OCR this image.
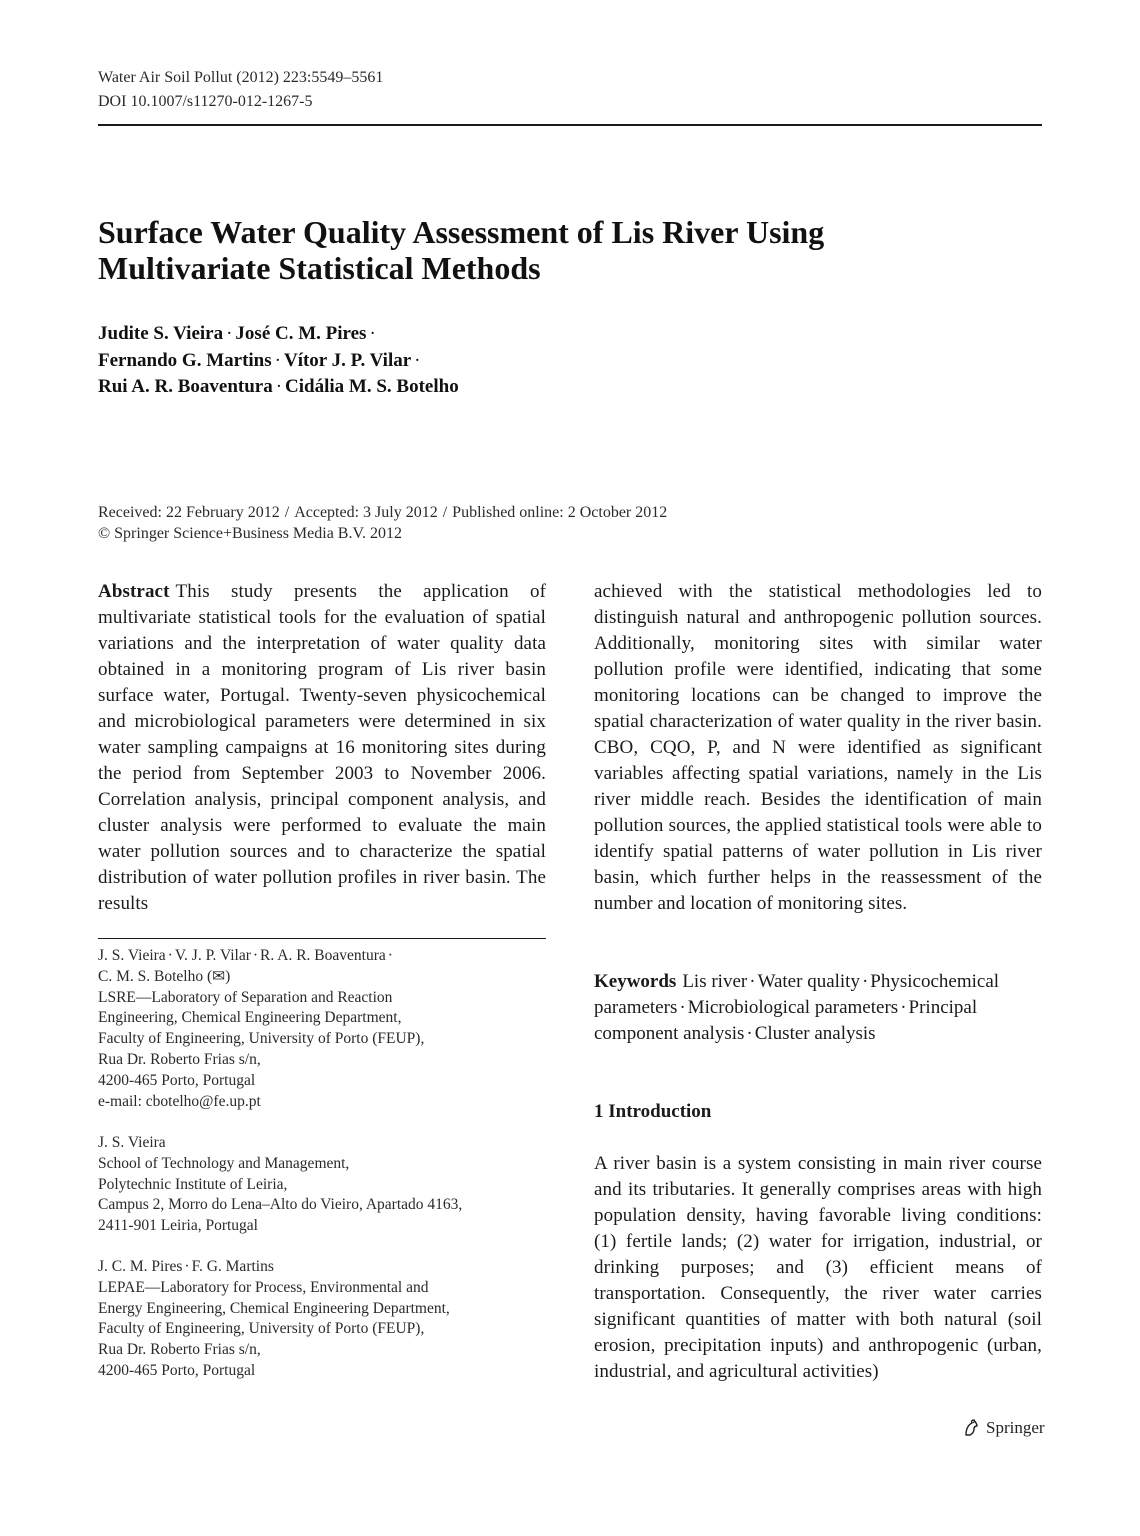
Water Air Soil Pollut (2012) 223:5549–5561
DOI 10.1007/s11270-012-1267-5
Surface Water Quality Assessment of Lis River Using
Multivariate Statistical Methods
Judite S. Vieira · José C. M. Pires ·
Fernando G. Martins · Vítor J. P. Vilar ·
Rui A. R. Boaventura · Cidália M. S. Botelho
Received: 22 February 2012 / Accepted: 3 July 2012 / Published online: 2 October 2012
© Springer Science+Business Media B.V. 2012

Abstract This study presents the application of multivariate statistical tools for the evaluation of spatial variations and the interpretation of water quality data obtained in a monitoring program of Lis river basin surface water, Portugal. Twenty-seven physicochemical and microbiological parameters were determined in six water sampling campaigns at 16 monitoring sites during the period from September 2003 to November 2006. Correlation analysis, principal component analysis, and cluster analysis were performed to evaluate the main water pollution sources and to characterize the spatial distribution of water pollution profiles in river basin. The results

J. S. Vieira · V. J. P. Vilar · R. A. R. Boaventura ·
C. M. S. Botelho (✉)
LSRE—Laboratory of Separation and Reaction
Engineering, Chemical Engineering Department,
Faculty of Engineering, University of Porto (FEUP),
Rua Dr. Roberto Frias s/n,
4200-465 Porto, Portugal
e-mail: cbotelho@fe.up.pt
J. S. Vieira
School of Technology and Management,
Polytechnic Institute of Leiria,
Campus 2, Morro do Lena–Alto do Vieiro, Apartado 4163,
2411-901 Leiria, Portugal
J. C. M. Pires · F. G. Martins
LEPAE—Laboratory for Process, Environmental and
Energy Engineering, Chemical Engineering Department,
Faculty of Engineering, University of Porto (FEUP),
Rua Dr. Roberto Frias s/n,
4200-465 Porto, Portugal

achieved with the statistical methodologies led to distinguish natural and anthropogenic pollution sources. Additionally, monitoring sites with similar water pollution profile were identified, indicating that some monitoring locations can be changed to improve the spatial characterization of water quality in the river basin. CBO, CQO, P, and N were identified as significant variables affecting spatial variations, namely in the Lis river middle reach. Besides the identification of main pollution sources, the applied statistical tools were able to identify spatial patterns of water pollution in Lis river basin, which further helps in the reassessment of the number and location of monitoring sites.

Keywords Lis river · Water quality · Physicochemical parameters · Microbiological parameters · Principal component analysis · Cluster analysis
1 Introduction

A river basin is a system consisting in main river course and its tributaries. It generally comprises areas with high population density, having favorable living conditions: (1) fertile lands; (2) water for irrigation, industrial, or drinking purposes; and (3) efficient means of transportation. Consequently, the river water carries significant quantities of matter with both natural (soil erosion, precipitation inputs) and anthropogenic (urban, industrial, and agricultural activities)

Springer
